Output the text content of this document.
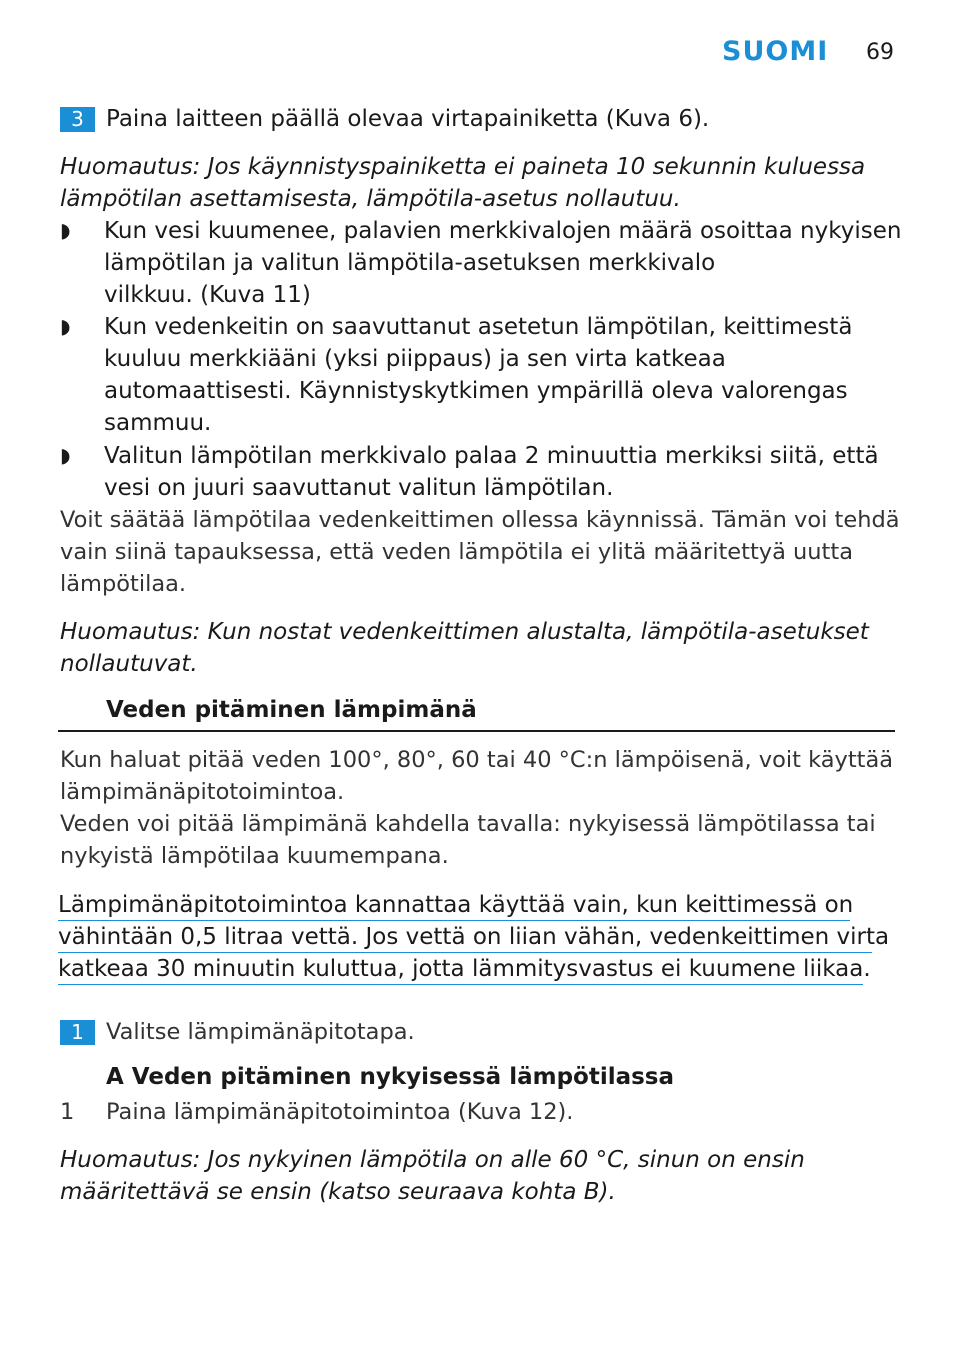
SUOMI 69
3 Paina laitteen päällä olevaa virtapainiketta (Kuva 6).
Huomautus: Jos käynnistyspainiketta ei paineta 10 sekunnin kuluessa
lämpötilan asettamisesta, lämpötila-asetus nollautuu.
◗ Kun vesi kuumenee, palavien merkkivalojen määrä osoittaa nykyisen
lämpötilan ja valitun lämpötila-asetuksen merkkivalo
vilkkuu. (Kuva 11)
◗ Kun vedenkeitin on saavuttanut asetetun lämpötilan, keittimestä
kuuluu merkkiääni (yksi piippaus) ja sen virta katkeaa
automaattisesti. Käynnistyskytkimen ympärillä oleva valorengas
sammuu.
◗ Valitun lämpötilan merkkivalo palaa 2 minuuttia merkiksi siitä, että
vesi on juuri saavuttanut valitun lämpötilan.
Voit säätää lämpötilaa vedenkeittimen ollessa käynnissä. Tämän voi tehdä
vain siinä tapauksessa, että veden lämpötila ei ylitä määritettyä uutta
lämpötilaa.
Huomautus: Kun nostat vedenkeittimen alustalta, lämpötila-asetukset
nollautuvat.
Veden pitäminen lämpimänä
Kun haluat pitää veden 100°, 80°, 60 tai 40 °C:n lämpöisenä, voit käyttää
lämpimänäpitotoimintoa.
Veden voi pitää lämpimänä kahdella tavalla: nykyisessä lämpötilassa tai
nykyistä lämpötilaa kuumempana.
Lämpimänäpitotoimintoa kannattaa käyttää vain, kun keittimessä on
vähintään 0,5 litraa vettä. Jos vettä on liian vähän, vedenkeittimen virta
katkeaa 30 minuutin kuluttua, jotta lämmitysvastus ei kuumene liikaa.
1 Valitse lämpimänäpitotapa.
A Veden pitäminen nykyisessä lämpötilassa
1 Paina lämpimänäpitotoimintoa (Kuva 12).
Huomautus: Jos nykyinen lämpötila on alle 60 °C, sinun on ensin
määritettävä se ensin (katso seuraava kohta B).
